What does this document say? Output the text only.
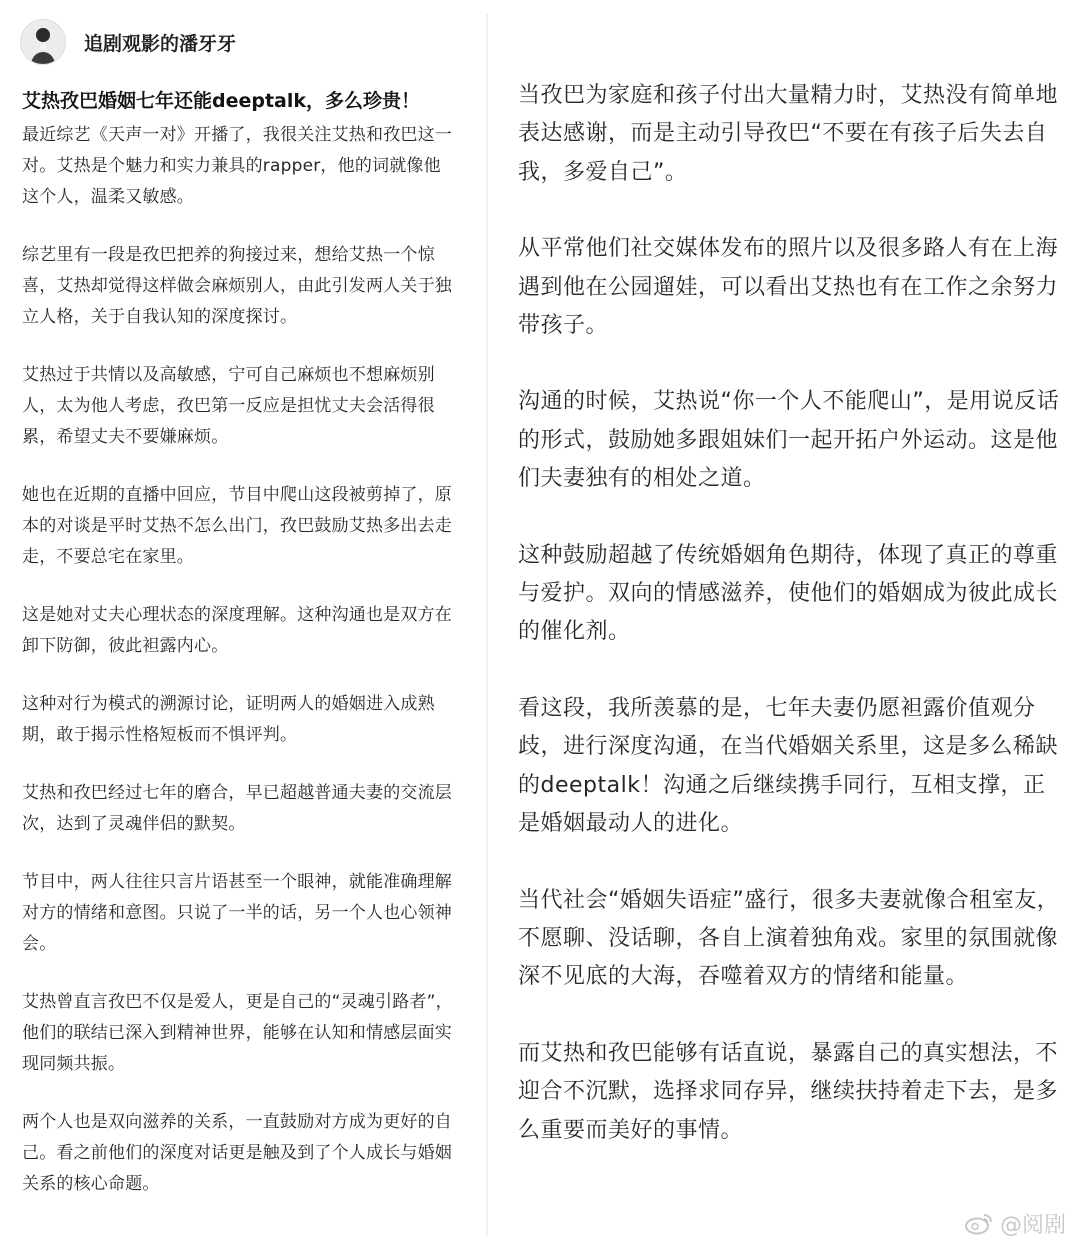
追剧观影的潘牙牙
艾热孜巴婚姻七年还能deeptalk，多么珍贵！

最近综艺《天声一对》开播了，我很关注艾热和孜巴这一对。艾热是个魅力和实力兼具的rapper，他的词就像他这个人，温柔又敏感。

综艺里有一段是孜巴把养的狗接过来，想给艾热一个惊喜，艾热却觉得这样做会麻烦别人，由此引发两人关于独立人格，关于自我认知的深度探讨。

艾热过于共情以及高敏感，宁可自己麻烦也不想麻烦别人，太为他人考虑，孜巴第一反应是担忧丈夫会活得很累，希望丈夫不要嫌麻烦。

她也在近期的直播中回应，节目中爬山这段被剪掉了，原本的对谈是平时艾热不怎么出门，孜巴鼓励艾热多出去走走，不要总宅在家里。

这是她对丈夫心理状态的深度理解。这种沟通也是双方在卸下防御，彼此袒露内心。

这种对行为模式的溯源讨论，证明两人的婚姻进入成熟期，敢于揭示性格短板而不惧评判。

艾热和孜巴经过七年的磨合，早已超越普通夫妻的交流层次，达到了灵魂伴侣的默契。

节目中，两人往往只言片语甚至一个眼神，就能准确理解对方的情绪和意图。只说了一半的话，另一个人也心领神会。

艾热曾直言孜巴不仅是爱人，更是自己的“灵魂引路者”，他们的联结已深入到精神世界，能够在认知和情感层面实现同频共振。

两个人也是双向滋养的关系，一直鼓励对方成为更好的自己。看之前他们的深度对话更是触及到了个人成长与婚姻关系的核心命题。

当孜巴为家庭和孩子付出大量精力时，艾热没有简单地表达感谢，而是主动引导孜巴“不要在有孩子后失去自我，多爱自己”。

从平常他们社交媒体发布的照片以及很多路人有在上海遇到他在公园遛娃，可以看出艾热也有在工作之余努力带孩子。

沟通的时候，艾热说“你一个人不能爬山”，是用说反话的形式，鼓励她多跟姐妹们一起开拓户外运动。这是他们夫妻独有的相处之道。

这种鼓励超越了传统婚姻角色期待，体现了真正的尊重与爱护。双向的情感滋养，使他们的婚姻成为彼此成长的催化剂。

看这段，我所羡慕的是，七年夫妻仍愿袒露价值观分歧，进行深度沟通，在当代婚姻关系里，这是多么稀缺的deeptalk！沟通之后继续携手同行，互相支撑，正是婚姻最动人的进化。

当代社会“婚姻失语症”盛行，很多夫妻就像合租室友，不愿聊、没话聊，各自上演着独角戏。家里的氛围就像深不见底的大海，吞噬着双方的情绪和能量。

而艾热和孜巴能够有话直说，暴露自己的真实想法，不迎合不沉默，选择求同存异，继续扶持着走下去，是多么重要而美好的事情。

@阅剧
